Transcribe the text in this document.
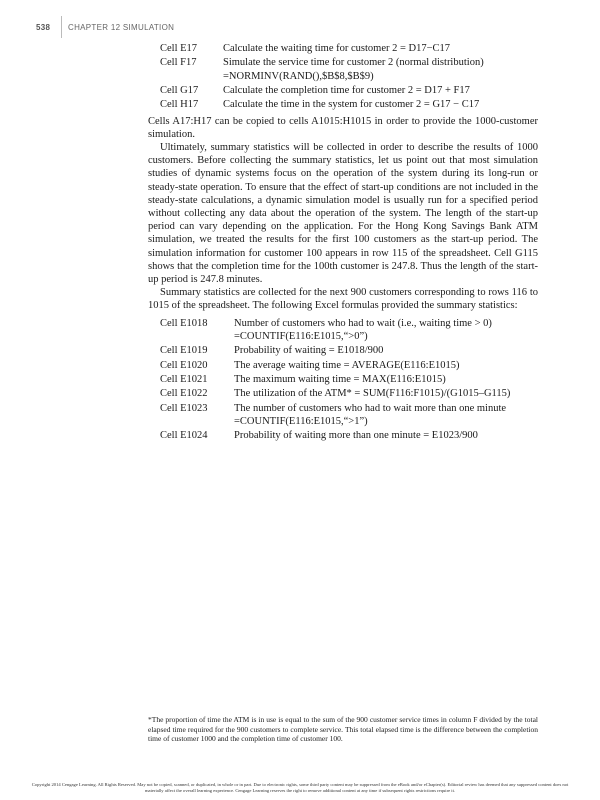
538 CHAPTER 12 SIMULATION
Cell E17	Calculate the waiting time for customer 2 = D17−C17
Cell F17	Simulate the service time for customer 2 (normal distribution)
=NORMINV(RAND(),$B$8,$B$9)
Cell G17	Calculate the completion time for customer 2 = D17 + F17
Cell H17	Calculate the time in the system for customer 2 = G17 − C17

Cells A17:H17 can be copied to cells A1015:H1015 in order to provide the 1000-customer simulation.

Ultimately, summary statistics will be collected in order to describe the results of 1000 customers. Before collecting the summary statistics, let us point out that most simulation studies of dynamic systems focus on the operation of the system during its long-run or steady-state operation. To ensure that the effect of start-up conditions are not included in the steady-state calculations, a dynamic simulation model is usually run for a specified period without collecting any data about the operation of the system. The length of the start-up period can vary depending on the application. For the Hong Kong Savings Bank ATM simulation, we treated the results for the first 100 customers as the start-up period. The simulation information for customer 100 appears in row 115 of the spreadsheet. Cell G115 shows that the completion time for the 100th customer is 247.8. Thus the length of the start-up period is 247.8 minutes.

Summary statistics are collected for the next 900 customers corresponding to rows 116 to 1015 of the spreadsheet. The following Excel formulas provided the summary statistics:

Cell E1018	Number of customers who had to wait (i.e., waiting time > 0)
=COUNTIF(E116:E1015,“>0”)
Cell E1019	Probability of waiting = E1018/900
Cell E1020	The average waiting time = AVERAGE(E116:E1015)
Cell E1021	The maximum waiting time = MAX(E116:E1015)
Cell E1022	The utilization of the ATM* = SUM(F116:F1015)/(G1015–G115)
Cell E1023	The number of customers who had to wait more than one minute
=COUNTIF(E116:E1015,“>1”)
Cell E1024	Probability of waiting more than one minute = E1023/900
*The proportion of time the ATM is in use is equal to the sum of the 900 customer service times in column F divided by the total elapsed time required for the 900 customers to complete service. This total elapsed time is the difference between the completion time of customer 1000 and the completion time of customer 100.
Copyright 2014 Cengage Learning. All Rights Reserved. May not be copied, scanned, or duplicated, in whole or in part. Due to electronic rights, some third party content may be suppressed from the eBook and/or eChapter(s). Editorial review has deemed that any suppressed content does not materially affect the overall learning experience. Cengage Learning reserves the right to remove additional content at any time if subsequent rights restrictions require it.
